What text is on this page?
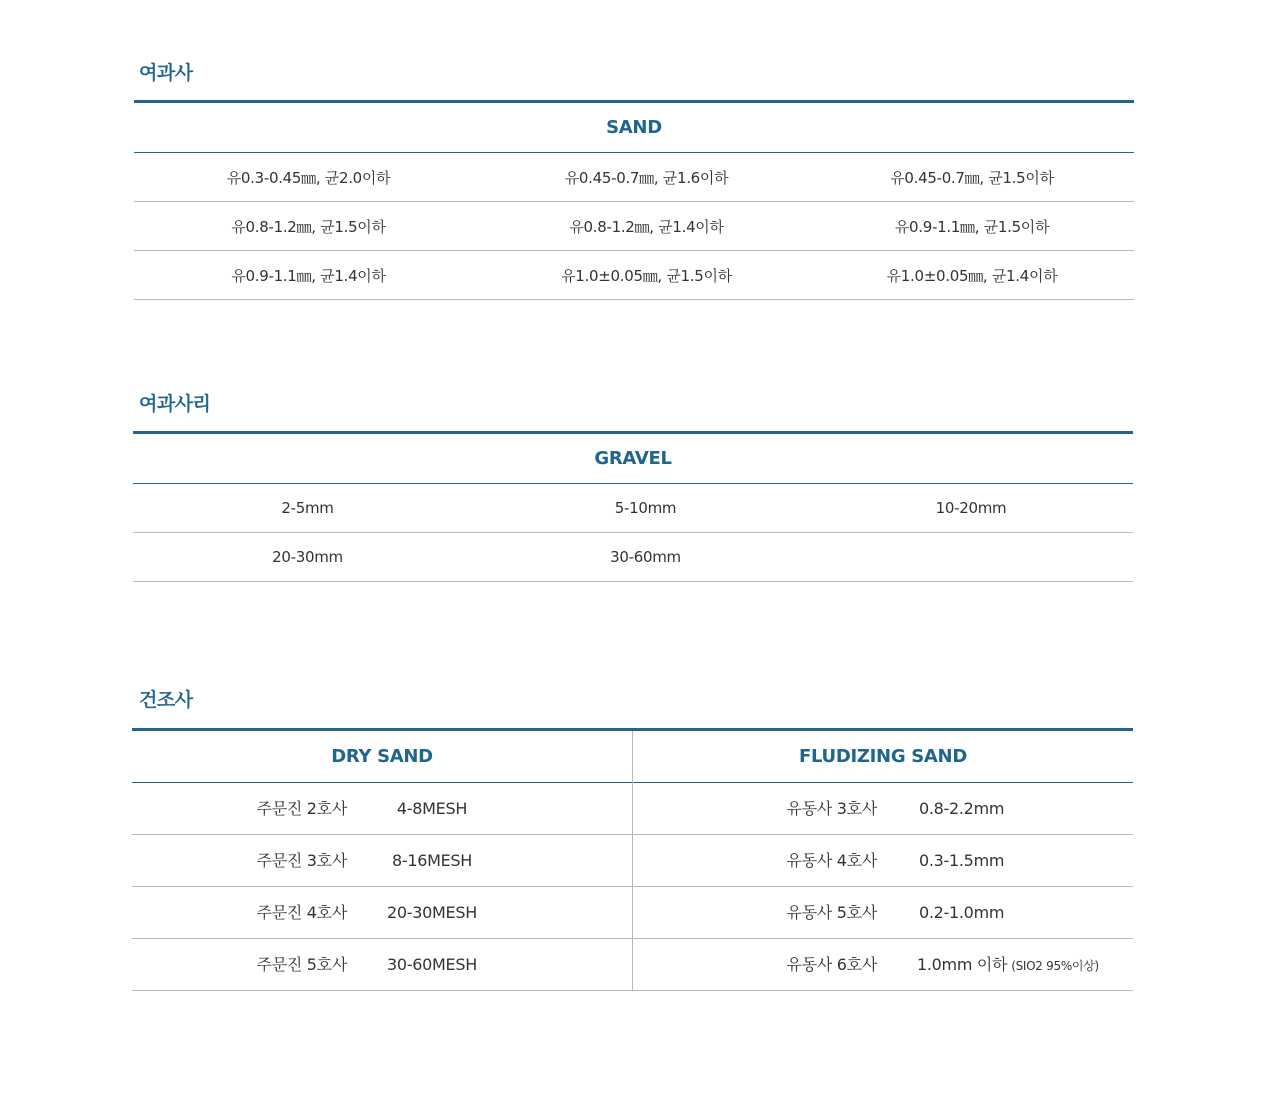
여과사
SAND
유0.3-0.45㎜, 균2.0이하	유0.45-0.7㎜, 균1.6이하	유0.45-0.7㎜, 균1.5이하
유0.8-1.2㎜, 균1.5이하	유0.8-1.2㎜, 균1.4이하	유0.9-1.1㎜, 균1.5이하
유0.9-1.1㎜, 균1.4이하	유1.0±0.05㎜, 균1.5이하	유1.0±0.05㎜, 균1.4이하
여과사리
GRAVEL
2-5mm	5-10mm	10-20mm
20-30mm	30-60mm
건조사
DRY SAND
주문진 2호사	4-8MESH
주문진 3호사	8-16MESH
주문진 4호사	20-30MESH
주문진 5호사	30-60MESH
FLUDIZING SAND
유동사 3호사	0.8-2.2mm
유동사 4호사	0.3-1.5mm
유동사 5호사	0.2-1.0mm
유동사 6호사	1.0mm 이하 (SIO2 95%이상)
